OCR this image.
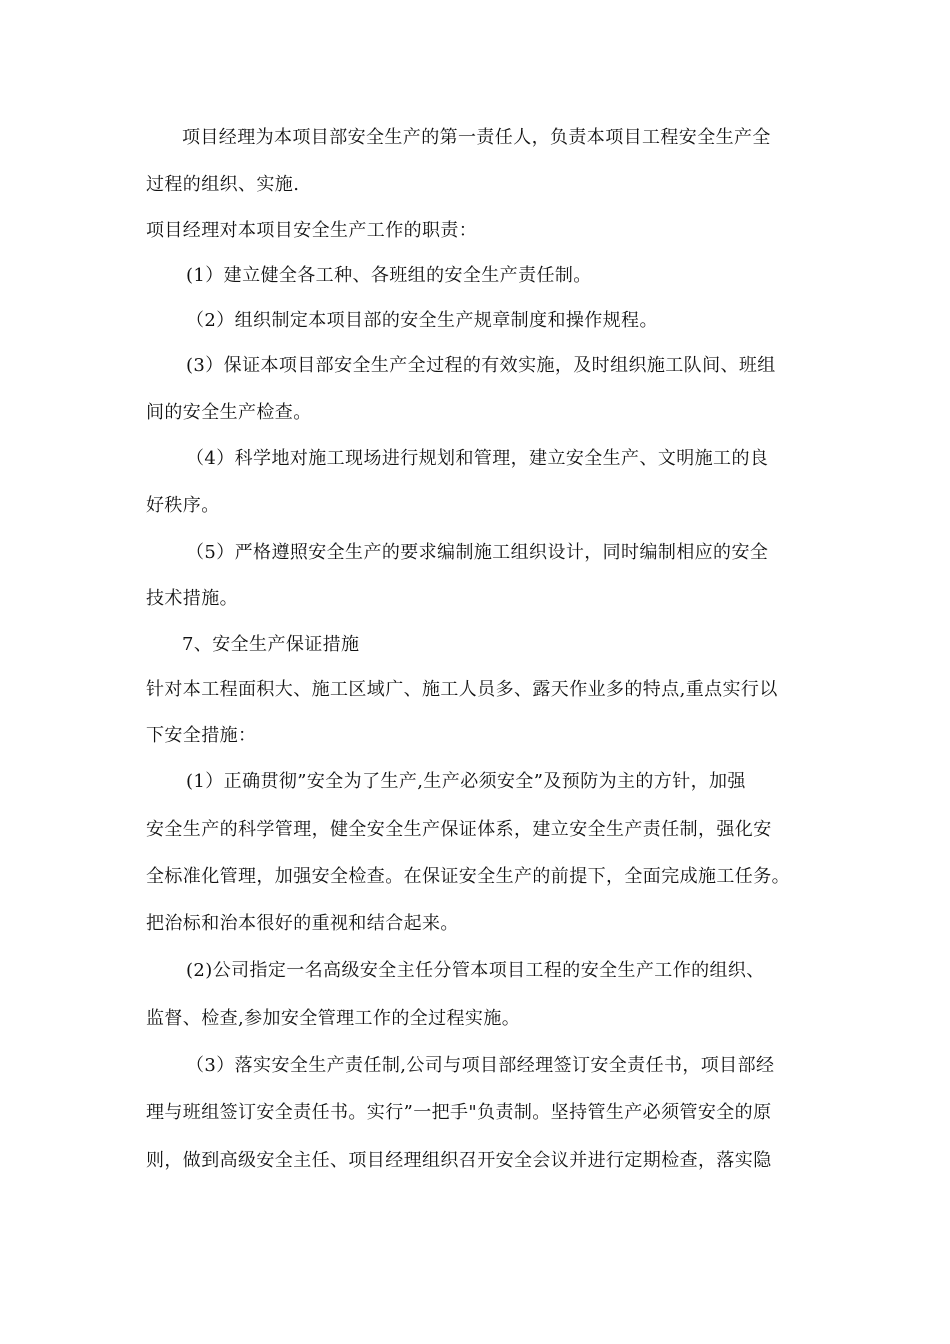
项目经理为本项目部安全生产的第一责任人，负责本项目工程安全生产全
过程的组织、实施.
项目经理对本项目安全生产工作的职责：
(1）建立健全各工种、各班组的安全生产责任制。
（2）组织制定本项目部的安全生产规章制度和操作规程。
(3）保证本项目部安全生产全过程的有效实施，及时组织施工队间、班组
间的安全生产检查。
（4）科学地对施工现场进行规划和管理，建立安全生产、文明施工的良
好秩序。
（5）严格遵照安全生产的要求编制施工组织设计，同时编制相应的安全
技术措施。
7、安全生产保证措施
针对本工程面积大、施工区域广、施工人员多、露天作业多的特点,重点实行以
下安全措施：
(1）正确贯彻”安全为了生产,生产必须安全”及预防为主的方针，加强
安全生产的科学管理，健全安全生产保证体系，建立安全生产责任制，强化安
全标准化管理，加强安全检查。在保证安全生产的前提下，全面完成施工任务。
把治标和治本很好的重视和结合起来。
(2)公司指定一名高级安全主任分管本项目工程的安全生产工作的组织、
监督、检查,参加安全管理工作的全过程实施。
（3）落实安全生产责任制,公司与项目部经理签订安全责任书，项目部经
理与班组签订安全责任书。实行”一把手"负责制。坚持管生产必须管安全的原
则，做到高级安全主任、项目经理组织召开安全会议并进行定期检查，落实隐
